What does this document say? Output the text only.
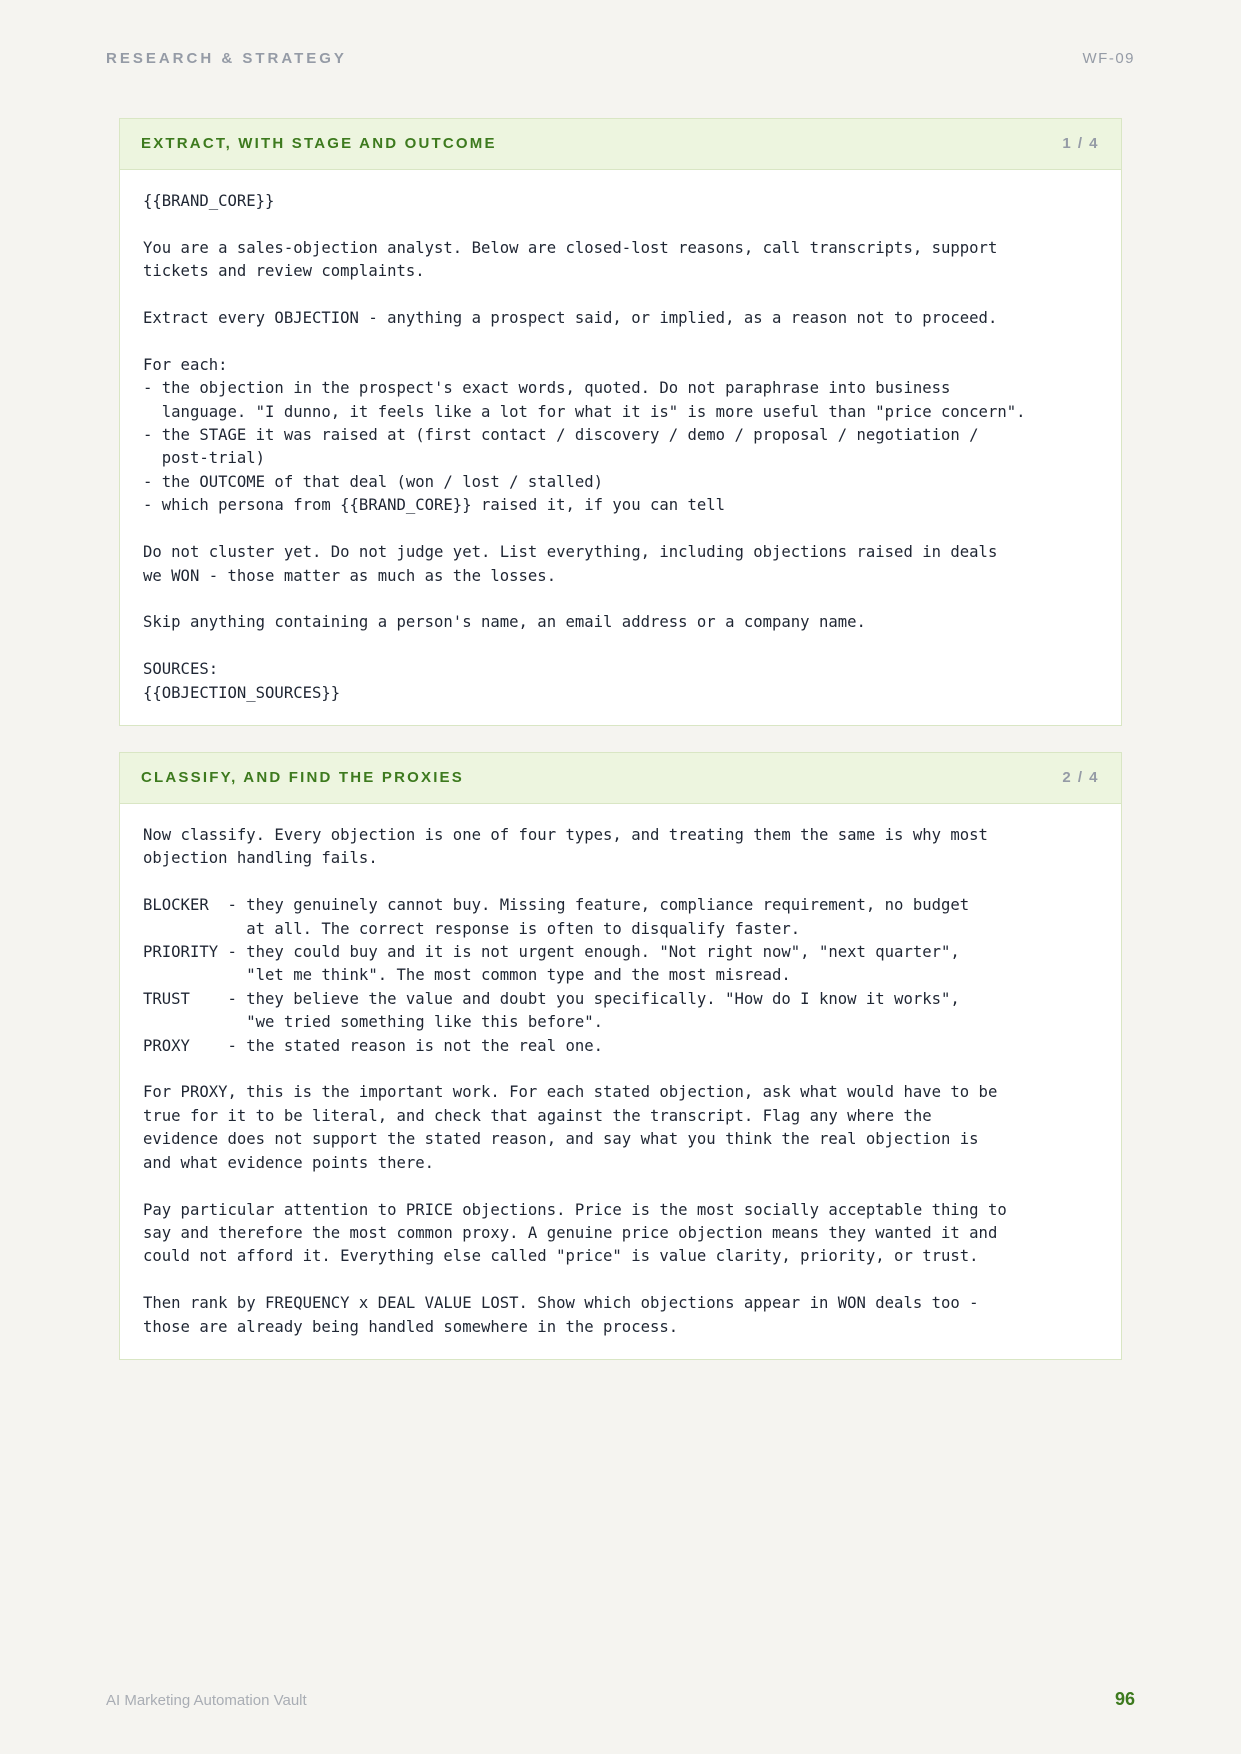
RESEARCH & STRATEGY	WF-09
EXTRACT, WITH STAGE AND OUTCOME	1 / 4
{{BRAND_CORE}}

You are a sales-objection analyst. Below are closed-lost reasons, call transcripts, support
tickets and review complaints.

Extract every OBJECTION - anything a prospect said, or implied, as a reason not to proceed.

For each:
- the objection in the prospect's exact words, quoted. Do not paraphrase into business
language. "I dunno, it feels like a lot for what it is" is more useful than "price concern".
- the STAGE it was raised at (first contact / discovery / demo / proposal / negotiation /
post-trial)
- the OUTCOME of that deal (won / lost / stalled)
- which persona from {{BRAND_CORE}} raised it, if you can tell

Do not cluster yet. Do not judge yet. List everything, including objections raised in deals
we WON - those matter as much as the losses.

Skip anything containing a person's name, an email address or a company name.

SOURCES:
{{OBJECTION_SOURCES}}
CLASSIFY, AND FIND THE PROXIES	2 / 4
Now classify. Every objection is one of four types, and treating them the same is why most
objection handling fails.

BLOCKER  - they genuinely cannot buy. Missing feature, compliance requirement, no budget
at all. The correct response is often to disqualify faster.
PRIORITY - they could buy and it is not urgent enough. "Not right now", "next quarter",
"let me think". The most common type and the most misread.
TRUST    - they believe the value and doubt you specifically. "How do I know it works",
"we tried something like this before".
PROXY    - the stated reason is not the real one.

For PROXY, this is the important work. For each stated objection, ask what would have to be
true for it to be literal, and check that against the transcript. Flag any where the
evidence does not support the stated reason, and say what you think the real objection is
and what evidence points there.

Pay particular attention to PRICE objections. Price is the most socially acceptable thing to
say and therefore the most common proxy. A genuine price objection means they wanted it and
could not afford it. Everything else called "price" is value clarity, priority, or trust.

Then rank by FREQUENCY x DEAL VALUE LOST. Show which objections appear in WON deals too -
those are already being handled somewhere in the process.
AI Marketing Automation Vault	96
